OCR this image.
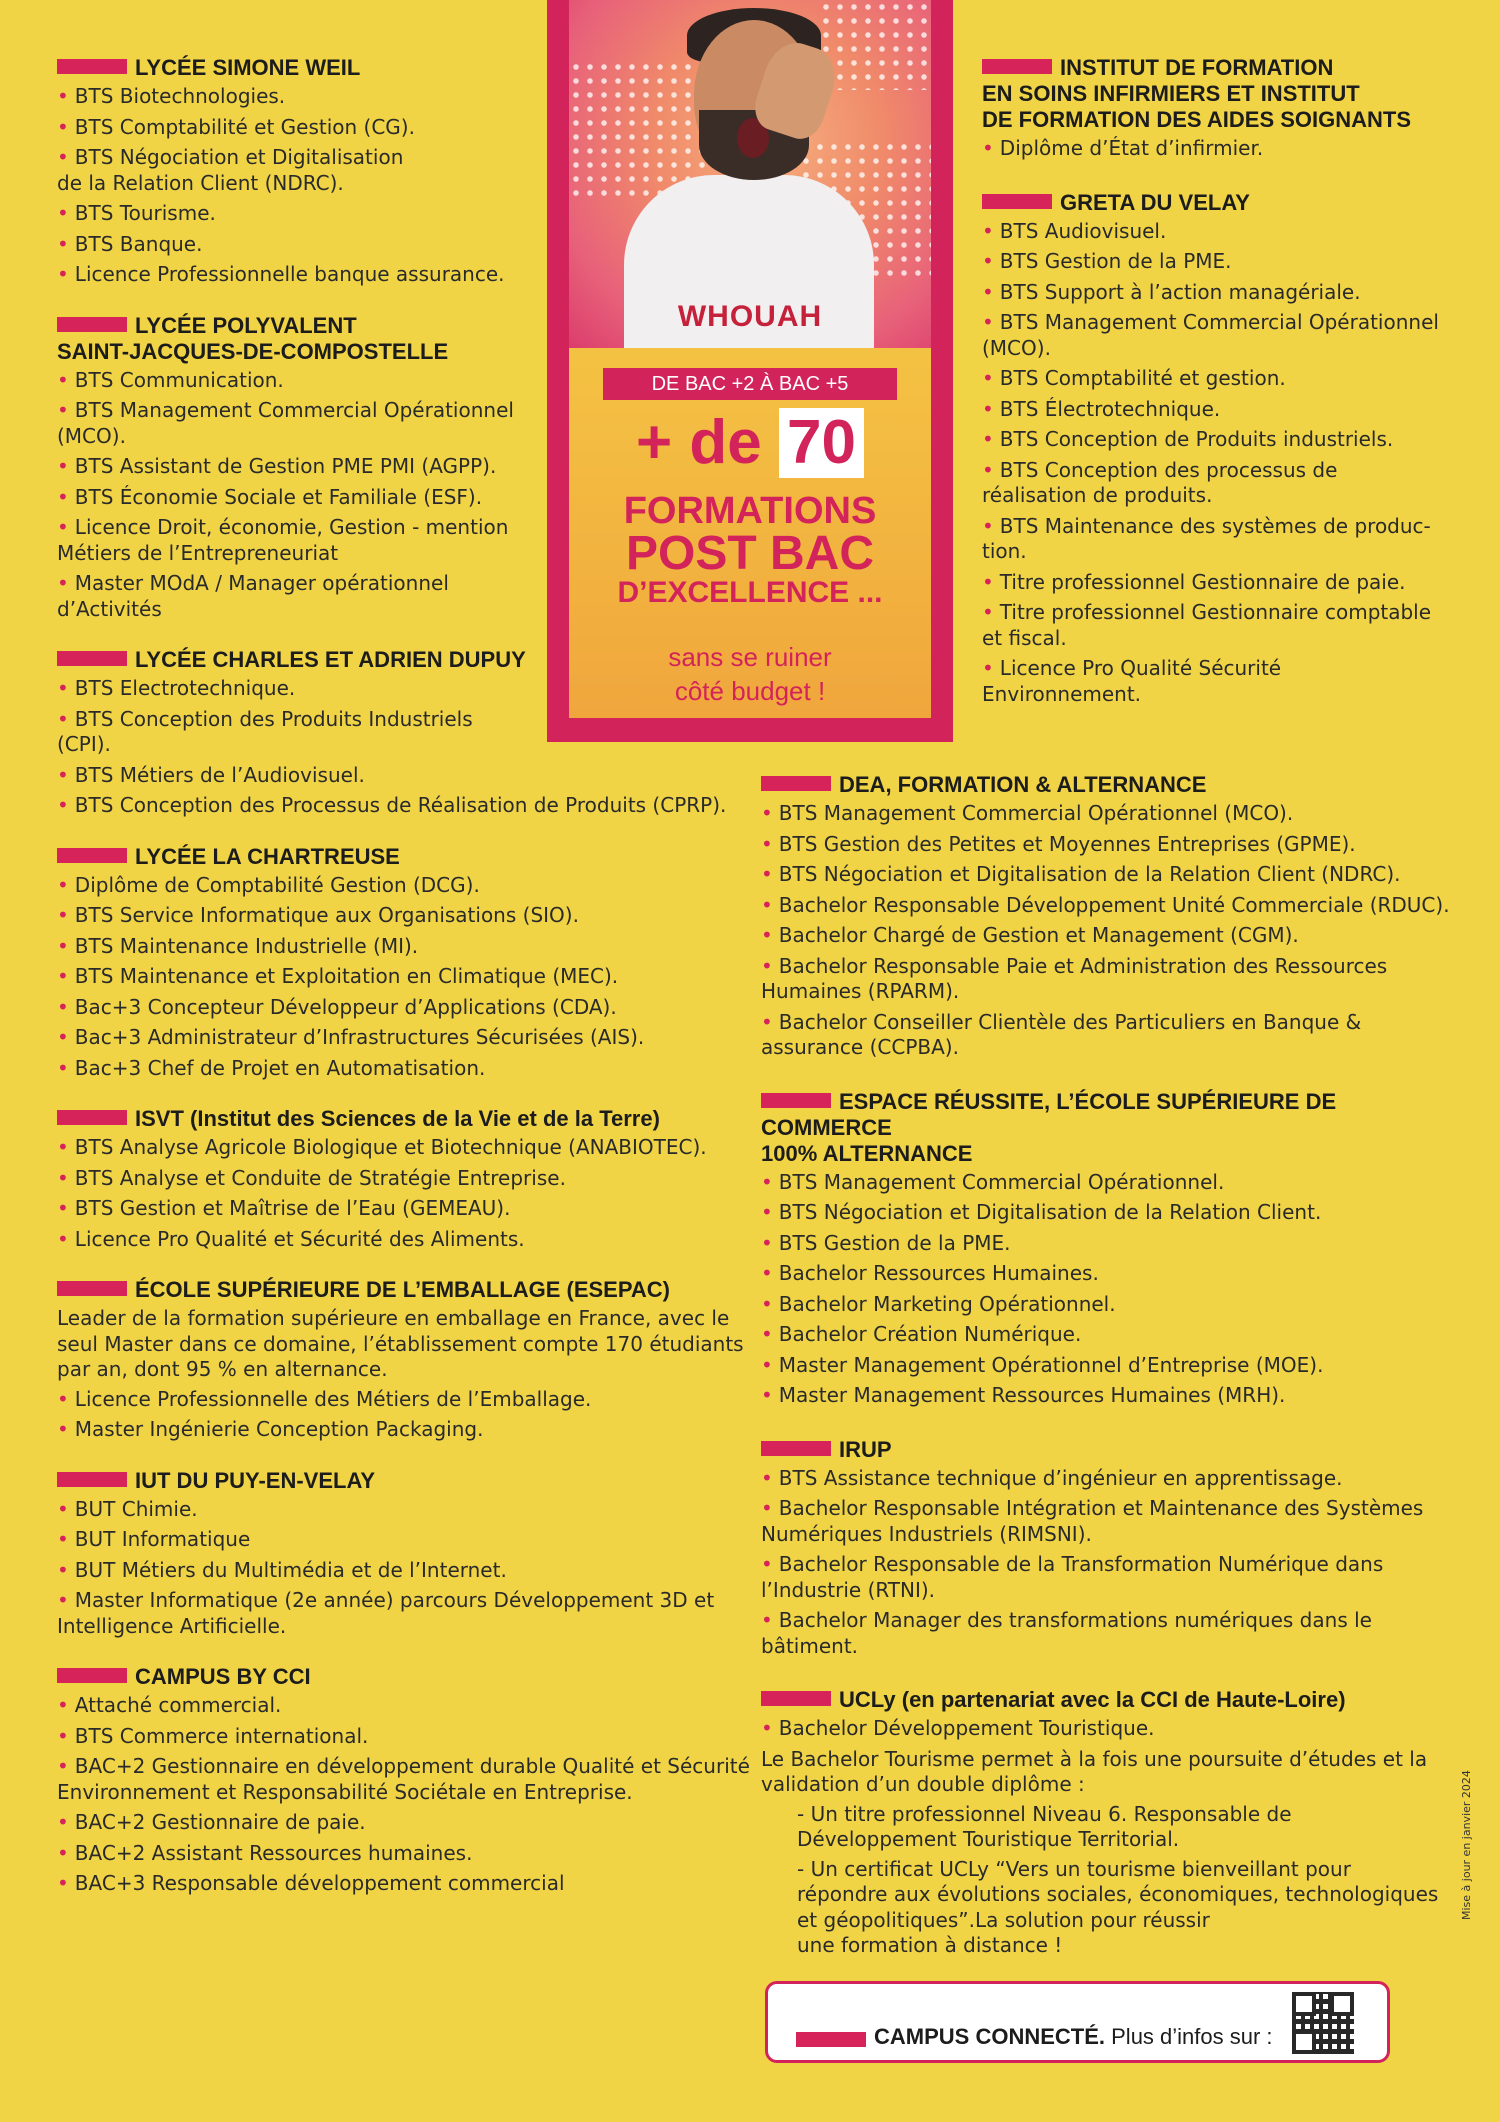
LYCÉE SIMONE WEIL
• BTS Biotechnologies.
• BTS Comptabilité et Gestion (CG).
• BTS Négociation et Digitalisation
de la Relation Client (NDRC).
• BTS Tourisme.
• BTS Banque.
• Licence Professionnelle banque assurance.
LYCÉE POLYVALENT
SAINT-JACQUES-DE-COMPOSTELLE
• BTS Communication.
• BTS Management Commercial Opérationnel
(MCO).
• BTS Assistant de Gestion PME PMI (AGPP).
• BTS Économie Sociale et Familiale (ESF).
• Licence Droit, économie, Gestion - mention
Métiers de l’Entrepreneuriat
• Master MOdA / Manager opérationnel
d’Activités
LYCÉE CHARLES ET ADRIEN DUPUY
• BTS Electrotechnique.
• BTS Conception des Produits Industriels
(CPI).
• BTS Métiers de l’Audiovisuel.
• BTS Conception des Processus de Réalisation de Produits (CPRP).
LYCÉE LA CHARTREUSE
• Diplôme de Comptabilité Gestion (DCG).
• BTS Service Informatique aux Organisations (SIO).
• BTS Maintenance Industrielle (MI).
• BTS Maintenance et Exploitation en Climatique (MEC).
• Bac+3 Concepteur Développeur d’Applications (CDA).
• Bac+3 Administrateur d’Infrastructures Sécurisées (AIS).
• Bac+3 Chef de Projet en Automatisation.
ISVT (Institut des Sciences de la Vie et de la Terre)
• BTS Analyse Agricole Biologique et Biotechnique (ANABIOTEC).
• BTS Analyse et Conduite de Stratégie Entreprise.
• BTS Gestion et Maîtrise de l’Eau (GEMEAU).
• Licence Pro Qualité et Sécurité des Aliments.
ÉCOLE SUPÉRIEURE DE L’EMBALLAGE (ESEPAC)
Leader de la formation supérieure en emballage en France, avec le seul Master dans ce domaine, l’établissement compte 170 étudiants par an, dont 95 % en alternance.
• Licence Professionnelle des Métiers de l’Emballage.
• Master Ingénierie Conception Packaging.
IUT DU PUY-EN-VELAY
• BUT Chimie.
• BUT Informatique
• BUT Métiers du Multimédia et de l’Internet.
• Master Informatique (2e année) parcours Développement 3D et
Intelligence Artificielle.
CAMPUS BY CCI
• Attaché commercial.
• BTS Commerce international.
• BAC+2 Gestionnaire en développement durable Qualité et Sécurité
Environnement et Responsabilité Sociétale en Entreprise.
• BAC+2 Gestionnaire de paie.
• BAC+2 Assistant Ressources humaines.
• BAC+3 Responsable développement commercial
WHOUAH
DE BAC +2 À BAC +5
+ de 70
FORMATIONS
POST BAC
D’EXCELLENCE ...
sans se ruiner
côté budget !
INSTITUT DE FORMATION
EN SOINS INFIRMIERS ET INSTITUT
DE FORMATION DES AIDES SOIGNANTS
• Diplôme d’État d’infirmier.
GRETA DU VELAY
• BTS Audiovisuel.
• BTS Gestion de la PME.
• BTS Support à l’action managériale.
• BTS Management Commercial Opérationnel
(MCO).
• BTS Comptabilité et gestion.
• BTS Électrotechnique.
• BTS Conception de Produits industriels.
• BTS Conception des processus de
réalisation de produits.
• BTS Maintenance des systèmes de produc-
tion.
• Titre professionnel Gestionnaire de paie.
• Titre professionnel Gestionnaire comptable
et fiscal.
• Licence Pro Qualité Sécurité
Environnement.
DEA, FORMATION & ALTERNANCE
• BTS Management Commercial Opérationnel (MCO).
• BTS Gestion des Petites et Moyennes Entreprises (GPME).
• BTS Négociation et Digitalisation de la Relation Client (NDRC).
• Bachelor Responsable Développement Unité Commerciale (RDUC).
• Bachelor Chargé de Gestion et Management (CGM).
• Bachelor Responsable Paie et Administration des Ressources
Humaines (RPARM).
• Bachelor Conseiller Clientèle des Particuliers en Banque &
assurance (CCPBA).
ESPACE RÉUSSITE, L’ÉCOLE SUPÉRIEURE DE COMMERCE
100% ALTERNANCE
• BTS Management Commercial Opérationnel.
• BTS Négociation et Digitalisation de la Relation Client.
• BTS Gestion de la PME.
• Bachelor Ressources Humaines.
• Bachelor Marketing Opérationnel.
• Bachelor Création Numérique.
• Master Management Opérationnel d’Entreprise (MOE).
• Master Management Ressources Humaines (MRH).
IRUP
• BTS Assistance technique d’ingénieur en apprentissage.
• Bachelor Responsable Intégration et Maintenance des Systèmes
Numériques Industriels (RIMSNI).
• Bachelor Responsable de la Transformation Numérique dans
l’Industrie (RTNI).
• Bachelor Manager des transformations numériques dans le
bâtiment.
UCLy (en partenariat avec la CCI de Haute-Loire)
• Bachelor Développement Touristique.
Le Bachelor Tourisme permet à la fois une poursuite d’études et la validation d’un double diplôme :
- Un titre professionnel Niveau 6. Responsable de
Développement Touristique Territorial.
- Un certificat UCLy “Vers un tourisme bienveillant pour
répondre aux évolutions sociales, économiques, technologiques
et géopolitiques”.La solution pour réussir
une formation à distance !
CAMPUS CONNECTÉ. Plus d’infos sur :
Mise à jour en janvier 2024
